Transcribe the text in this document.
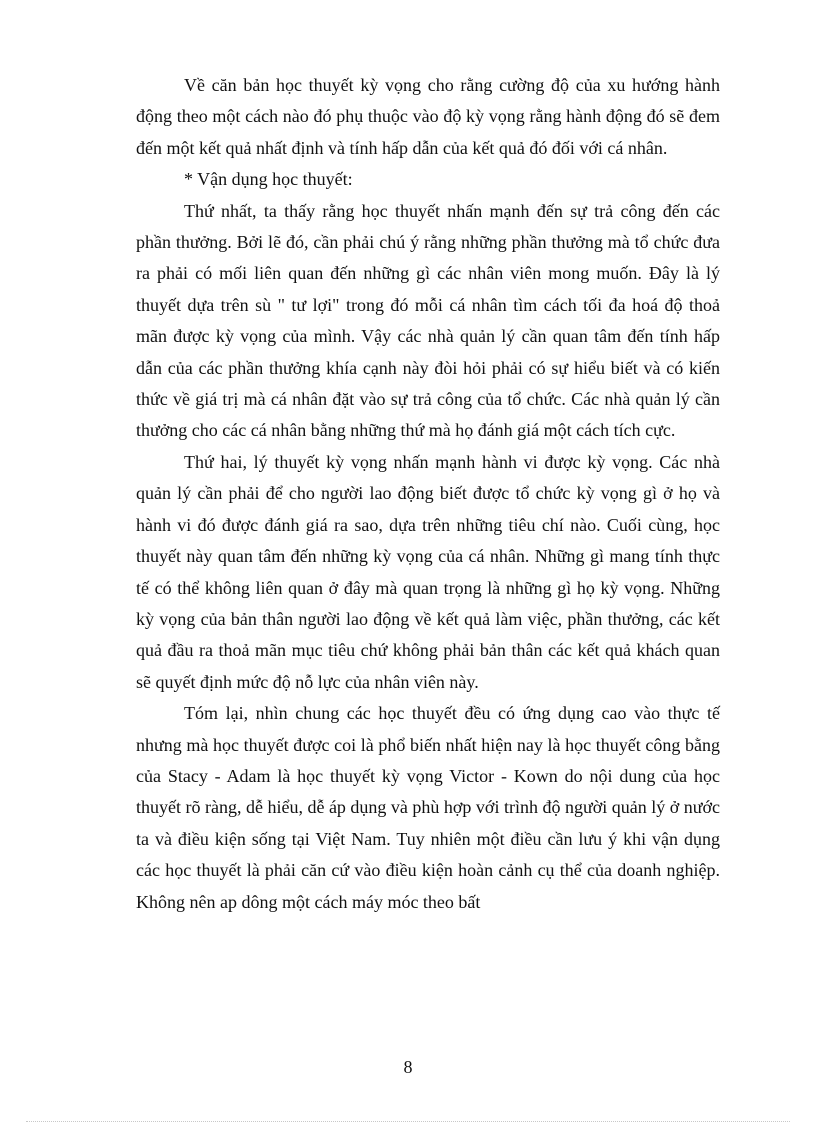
Về căn bản học thuyết kỳ vọng cho rằng cường độ của xu hướng hành động theo một cách nào đó phụ thuộc vào độ kỳ vọng rằng hành động đó sẽ đem đến một kết quả nhất định và tính hấp dẫn của kết quả đó đối với cá nhân.

* Vận dụng học thuyết:

Thứ nhất, ta thấy rằng học thuyết nhấn mạnh đến sự trả công đến các phần thưởng. Bởi lẽ đó, cần phải chú ý rằng những phần thưởng mà tổ chức đưa ra phải có mối liên quan đến những gì các nhân viên mong muốn. Đây là lý thuyết dựa trên sù " tư lợi" trong đó mỗi cá nhân tìm cách tối đa hoá độ thoả mãn được kỳ vọng của mình. Vậy các nhà quản lý cần quan tâm đến tính hấp dẫn của các phần thưởng khía cạnh này đòi hỏi phải có sự hiểu biết và có kiến thức về giá trị mà cá nhân đặt vào sự trả công của tổ chức. Các nhà quản lý cần thưởng cho các cá nhân bằng những thứ mà họ đánh giá một cách tích cực.

Thứ hai, lý thuyết kỳ vọng nhấn mạnh hành vi được kỳ vọng. Các nhà quản lý cần phải để cho người lao động biết được tổ chức kỳ vọng gì ở họ và hành vi đó được đánh giá ra sao, dựa trên những tiêu chí nào. Cuối cùng, học thuyết này quan tâm đến những kỳ vọng của cá nhân. Những gì mang tính thực tế có thể không liên quan ở đây mà quan trọng là những gì họ kỳ vọng. Những kỳ vọng của bản thân người lao động về kết quả làm việc, phần thưởng, các kết quả đầu ra thoả mãn mục tiêu chứ không phải bản thân các kết quả khách quan sẽ quyết định mức độ nỗ lực của nhân viên này.

Tóm lại, nhìn chung các học thuyết đều có ứng dụng cao vào thực tế nhưng mà học thuyết được coi là phổ biến nhất hiện nay là học thuyết công bằng của Stacy - Adam là học thuyết kỳ vọng Victor - Kown do nội dung của học thuyết rõ ràng, dễ hiểu, dễ áp dụng và phù hợp với trình độ người quản lý ở nước ta và điều kiện sống tại Việt Nam. Tuy nhiên một điều cần lưu ý khi vận dụng các học thuyết là phải căn cứ vào điều kiện hoàn cảnh cụ thể của doanh nghiệp. Không nên ap dông một cách máy móc theo bất

8
